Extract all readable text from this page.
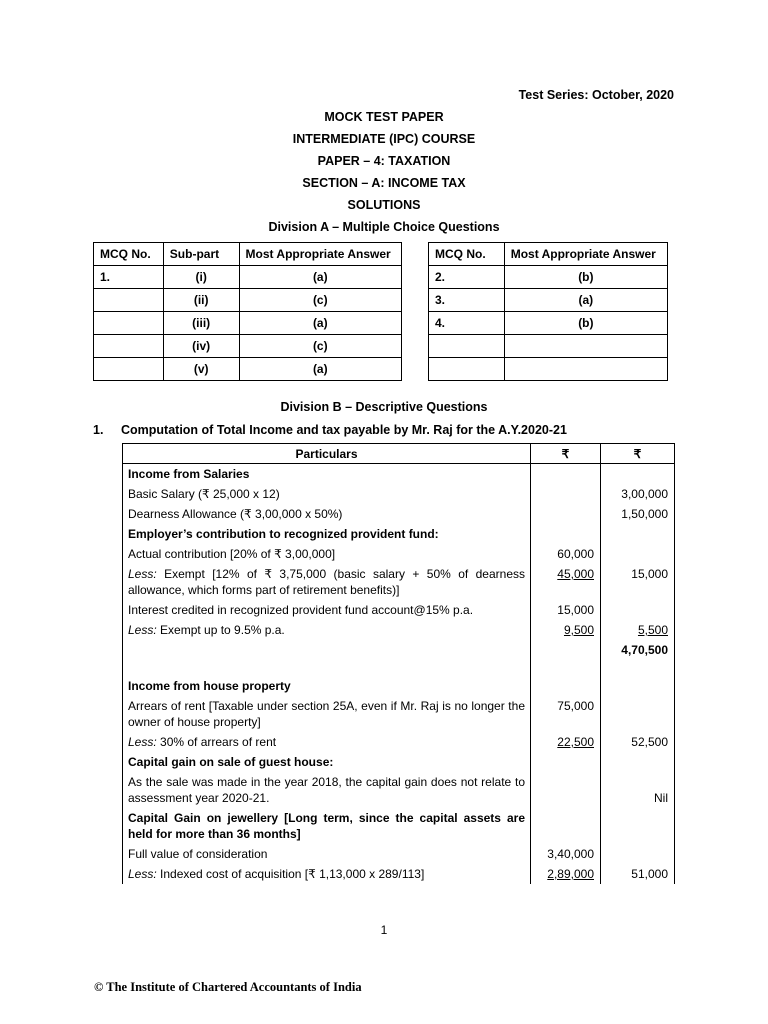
Test Series: October, 2020
MOCK TEST PAPER
INTERMEDIATE (IPC) COURSE
PAPER – 4: TAXATION
SECTION – A: INCOME TAX
SOLUTIONS
Division A – Multiple Choice Questions
MCQ No.	Sub-part	Most Appropriate Answer
1.	(i)	(a)
	(ii)	(c)
	(iii)	(a)
	(iv)	(c)
	(v)	(a)
MCQ No.	Most Appropriate Answer
2.	(b)
3.	(a)
4.	(b)

Division B – Descriptive Questions
1. Computation of Total Income and tax payable by Mr. Raj for the A.Y.2020-21
Particulars	₹	₹
Income from Salaries		
Basic Salary (₹ 25,000 x 12)		3,00,000
Dearness Allowance (₹ 3,00,000 x 50%)		1,50,000
Employer’s contribution to recognized provident fund:		
Actual contribution [20% of ₹ 3,00,000]	60,000	
Less: Exempt [12% of ₹ 3,75,000 (basic salary + 50% of dearness allowance, which forms part of retirement benefits)]	45,000	15,000
Interest credited in recognized provident fund account@15% p.a.	15,000	
Less: Exempt up to 9.5% p.a.	9,500	5,500
		4,70,500

Income from house property		
Arrears of rent [Taxable under section 25A, even if Mr. Raj is no longer the owner of house property]	75,000	
Less: 30% of arrears of rent	22,500	52,500
Capital gain on sale of guest house:		
As the sale was made in the year 2018, the capital gain does not relate to assessment year 2020-21.		Nil
Capital Gain on jewellery [Long term, since the capital assets are held for more than 36 months]		
Full value of consideration	3,40,000	
Less: Indexed cost of acquisition [₹ 1,13,000 x 289/113]	2,89,000	51,000
1
© The Institute of Chartered Accountants of India
